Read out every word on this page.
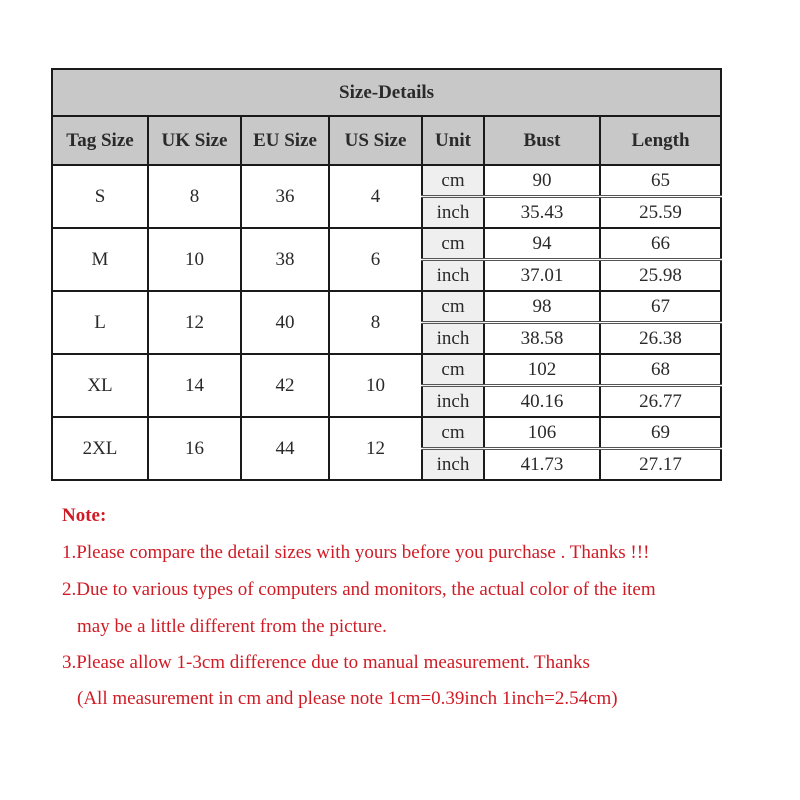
Size-Details						
Tag Size	UK Size	EU Size	US Size	Unit	Bust	Length
S	8	36	4	cm	90	65
				inch	35.43	25.59
M	10	38	6	cm	94	66
				inch	37.01	25.98
L	12	40	8	cm	98	67
				inch	38.58	26.38
XL	14	42	10	cm	102	68
				inch	40.16	26.77
2XL	16	44	12	cm	106	69
				inch	41.73	27.17
Note:
1.Please compare the detail sizes with yours before you purchase . Thanks !!!
2.Due to various types of computers and monitors, the actual color of the item
may be a little different from the picture.
3.Please allow 1-3cm difference due to manual measurement. Thanks
(All measurement in cm and please note 1cm=0.39inch 1inch=2.54cm)
